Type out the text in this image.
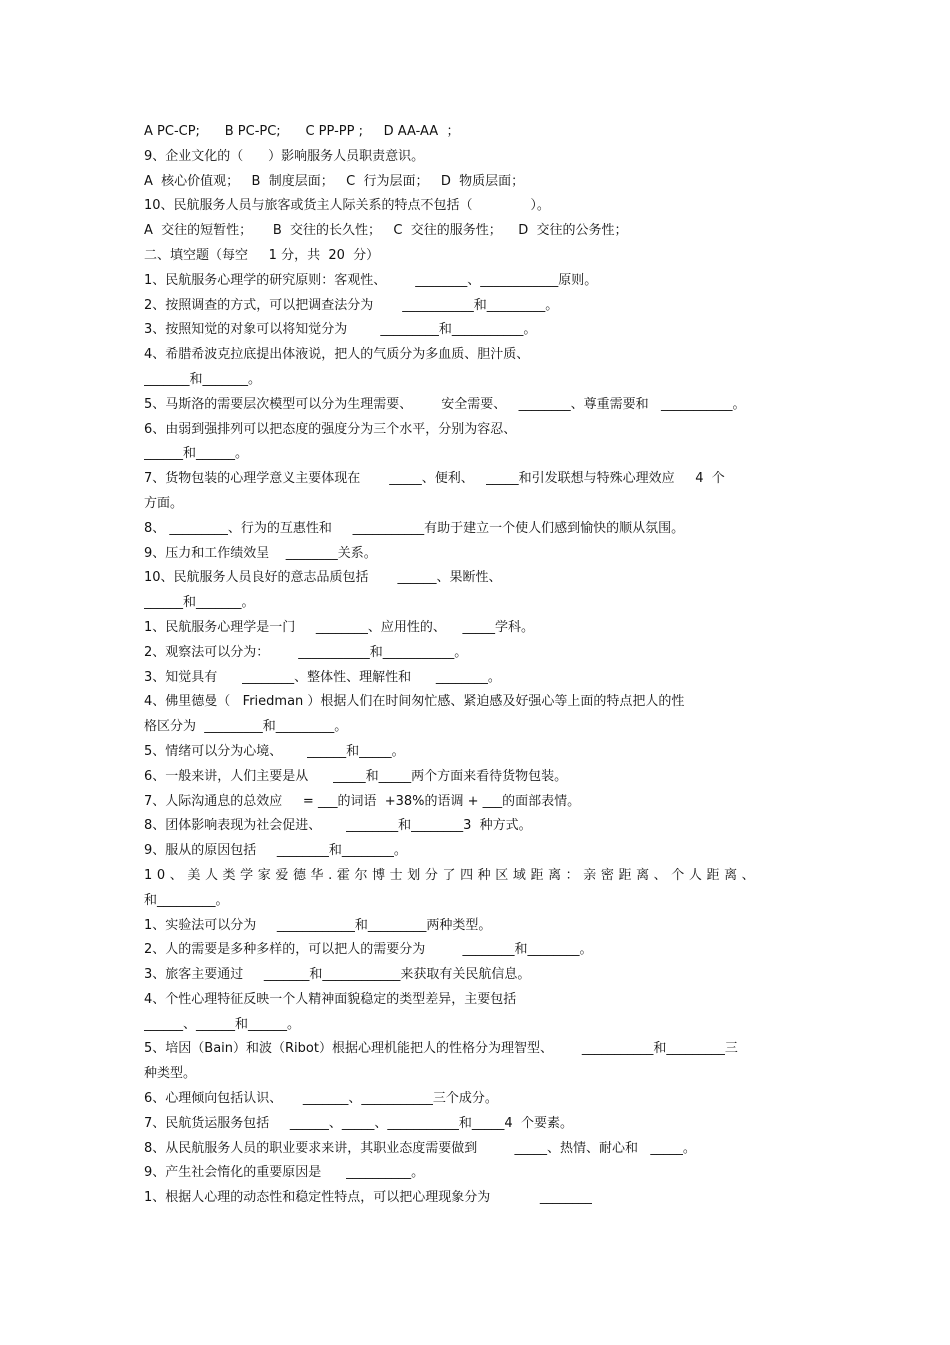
A PC-CP;      B PC-PC;      C PP-PP ;     D AA-AA  ；
9、企业文化的（      ）影响服务人员职责意识。
A  核心价值观；   B  制度层面；   C  行为层面；   D  物质层面；
10、民航服务人员与旅客或货主人际关系的特点不包括（              ）。
A  交往的短暂性；     B  交往的长久性；   C  交往的服务性；    D  交往的公务性；
二、填空题（每空     1 分，共  20  分）
1、民航服务心理学的研究原则：客观性、       ________、____________原则。
2、按照调查的方式，可以把调查法分为       ___________和_________。
3、按照知觉的对象可以将知觉分为        _________和___________。
4、希腊希波克拉底提出体液说，把人的气质分为多血质、胆汁质、
_______和_______。
5、马斯洛的需要层次模型可以分为生理需要、       安全需要、   ________、尊重需要和   ___________。
6、由弱到强排列可以把态度的强度分为三个水平，分别为容忍、
______和______。
7、货物包装的心理学意义主要体现在       _____、便利、   _____和引发联想与特殊心理效应     4  个
方面。
8、 _________、行为的互惠性和     ___________有助于建立一个使人们感到愉快的顺从氛围。
9、压力和工作绩效呈    ________关系。
10、民航服务人员良好的意志品质包括       ______、果断性、
______和_______。
1、民航服务心理学是一门     ________、应用性的、    _____学科。
2、观察法可以分为：       ___________和___________。
3、知觉具有      ________、整体性、理解性和      ________。
4、佛里德曼（   Friedman ）根据人们在时间匆忙感、紧迫感及好强心等上面的特点把人的性
格区分为  _________和_________。
5、情绪可以分为心境、      ______和_____。
6、一般来讲，人们主要是从      _____和_____两个方面来看待货物包装。
7、人际沟通息的总效应     = ___的词语  +38%的语调 + ___的面部表情。
8、团体影响表现为社会促进、      ________和________3  种方式。
9、服从的原因包括     ________和________。
10、美人类学家爱德华.霍尔博士划分了四种区域距离：亲密距离、个人距离、
和_________。
1、实验法可以分为     ____________和_________两种类型。
2、人的需要是多种多样的，可以把人的需要分为         ________和________。
3、旅客主要通过     _______和____________来获取有关民航信息。
4、个性心理特征反映一个人精神面貌稳定的类型差异，主要包括
______、______和______。
5、培因（Bain）和波（Ribot）根据心理机能把人的性格分为理智型、       ___________和_________三
种类型。
6、心理倾向包括认识、     _______、___________三个成分。
7、民航货运服务包括     ______、_____、___________和_____4  个要素。
8、从民航服务人员的职业要求来讲，其职业态度需要做到         _____、热情、耐心和   _____。
9、产生社会惰化的重要原因是      __________。
1、根据人心理的动态性和稳定性特点，可以把心理现象分为            ________
